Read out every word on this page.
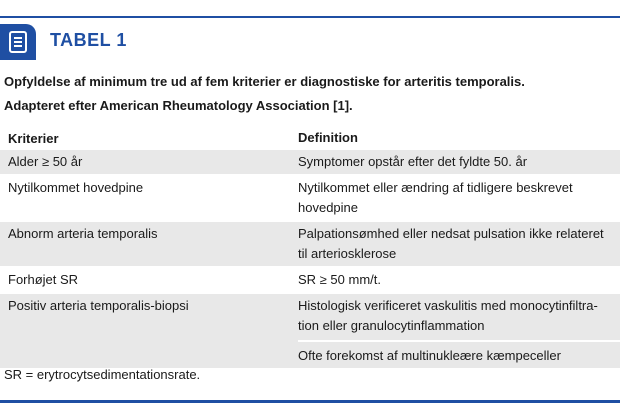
TABEL 1
Opfyldelse af minimum tre ud af fem kriterier er diagnostiske for arteritis temporalis.
Adapteret efter American Rheumatology Association [1].
Kriterier	Definition
Alder ≥ 50 år	Symptomer opstår efter det fyldte 50. år
Nytilkommet hovedpine	Nytilkommet eller ændring af tidligere beskrevet
hovedpine
Abnorm arteria temporalis	Palpationsømhed eller nedsat pulsation ikke relateret
til arteriosklerose
Forhøjet SR	SR ≥ 50 mm/t.
Positiv arteria temporalis-biopsi	Histologisk verificeret vaskulitis med monocytinfiltra-
tion eller granulocytinflammation
Ofte forekomst af multinukleære kæmpeceller
SR = erytrocytsedimentationsrate.
